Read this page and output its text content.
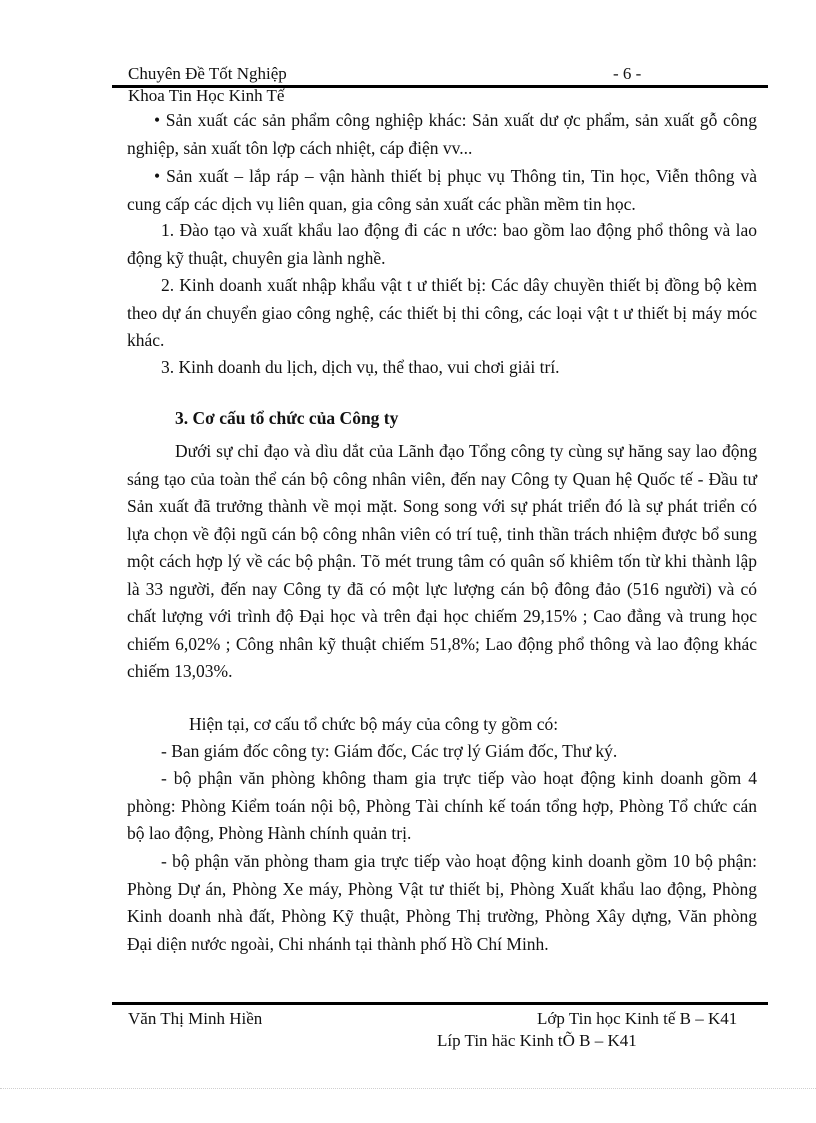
Chuyên Đề Tốt Nghiệp	- 6 -
Khoa Tin Học Kinh Tế

• Sản xuất các sản phẩm công nghiệp khác: Sản xuất dư ợc phẩm, sản xuất gỗ công nghiệp, sản xuất tôn lợp cách nhiệt, cáp điện vv...

• Sản xuất – lắp ráp – vận hành thiết bị phục vụ Thông tin, Tin học, Viễn thông và cung cấp các dịch vụ liên quan, gia công sản xuất các phần mềm tin học.

1. Đào tạo và xuất khẩu lao động đi các n ước: bao gồm lao động phổ thông và lao động kỹ thuật, chuyên gia lành nghề.

2. Kinh doanh xuất nhập khẩu vật t ư thiết bị: Các dây chuyền thiết bị đồng bộ kèm theo dự án chuyển giao công nghệ, các thiết bị thi công, các loại vật t ư thiết bị máy móc khác.

3. Kinh doanh du lịch, dịch vụ, thể thao, vui chơi giải trí.

3. Cơ cấu tổ chức của Công ty

Dưới sự chỉ đạo và dìu dắt của Lãnh đạo Tổng công ty cùng sự hăng say lao động sáng tạo của toàn thể cán bộ công nhân viên, đến nay Công ty Quan hệ Quốc tế - Đầu tư Sản xuất đã trưởng thành về mọi mặt. Song song với sự phát triển đó là sự phát triển có lựa chọn về đội ngũ cán bộ công nhân viên có trí tuệ, tinh thần trách nhiệm được bổ sung một cách hợp lý về các bộ phận. Tõ mét trung tâm có quân số khiêm tốn từ khi thành lập là 33 người, đến nay Công ty đã có một lực lượng cán bộ đông đảo (516 người) và có chất lượng với trình độ Đại học và trên đại học chiếm 29,15% ; Cao đẳng và trung học chiếm 6,02% ; Công nhân kỹ thuật chiếm 51,8%; Lao động phổ thông và lao động khác chiếm 13,03%.

Hiện tại, cơ cấu tổ chức bộ máy của công ty gồm có:

- Ban giám đốc công ty: Giám đốc, Các trợ lý Giám đốc, Thư ký.

- bộ phận văn phòng không tham gia trực tiếp vào hoạt động kinh doanh gồm 4 phòng: Phòng Kiểm toán nội bộ, Phòng Tài chính kế toán tổng hợp, Phòng Tổ chức cán bộ lao động, Phòng Hành chính quản trị.

- bộ phận văn phòng tham gia trực tiếp vào hoạt động kinh doanh gồm 10 bộ phận: Phòng Dự án, Phòng Xe máy, Phòng Vật tư thiết bị, Phòng Xuất khẩu lao động, Phòng Kinh doanh nhà đất, Phòng Kỹ thuật, Phòng Thị trường, Phòng Xây dựng, Văn phòng Đại diện nước ngoài, Chi nhánh tại thành phố Hồ Chí Minh.

Văn Thị Minh Hiền	Lớp Tin học Kinh tế B – K41
Líp Tin häc Kinh tÕ B – K41
